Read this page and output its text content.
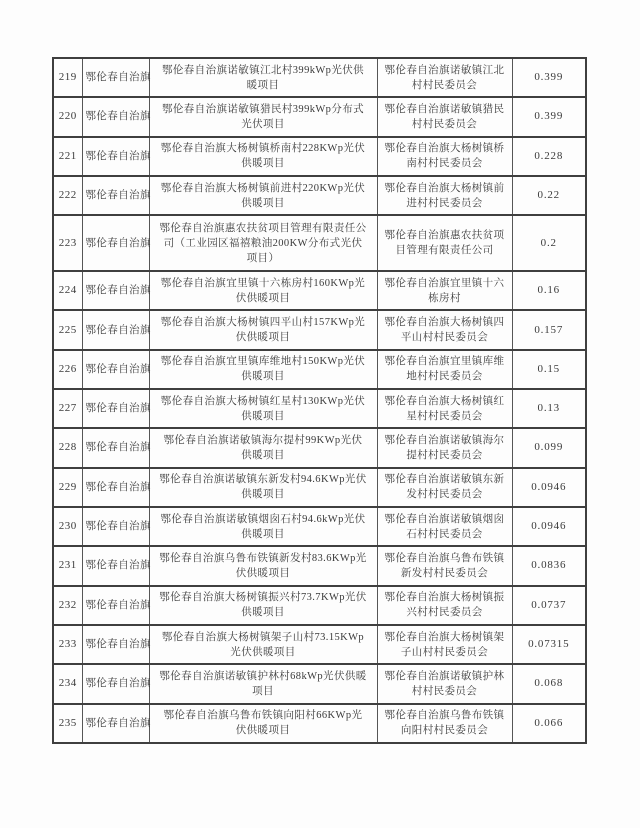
219	鄂伦春自治旗	鄂伦春自治旗诺敏镇江北村399kWp光伏供暖项目	鄂伦春自治旗诺敏镇江北村村民委员会	0.399
220	鄂伦春自治旗	鄂伦春自治旗诺敏镇猎民村399kWp分布式光伏项目	鄂伦春自治旗诺敏镇猎民村村民委员会	0.399
221	鄂伦春自治旗	鄂伦春自治旗大杨树镇桥南村228KWp光伏供暖项目	鄂伦春自治旗大杨树镇桥南村村民委员会	0.228
222	鄂伦春自治旗	鄂伦春自治旗大杨树镇前进村220KWp光伏供暖项目	鄂伦春自治旗大杨树镇前进村村民委员会	0.22
223	鄂伦春自治旗	鄂伦春自治旗惠农扶贫项目管理有限责任公司（工业园区福禧粮油200KW分布式光伏项目）	鄂伦春自治旗惠农扶贫项目管理有限责任公司	0.2
224	鄂伦春自治旗	鄂伦春自治旗宜里镇十六栋房村160KWp光伏供暖项目	鄂伦春自治旗宜里镇十六栋房村	0.16
225	鄂伦春自治旗	鄂伦春自治旗大杨树镇四平山村157KWp光伏供暖项目	鄂伦春自治旗大杨树镇四平山村村民委员会	0.157
226	鄂伦春自治旗	鄂伦春自治旗宜里镇库维地村150KWp光伏供暖项目	鄂伦春自治旗宜里镇库维地村村民委员会	0.15
227	鄂伦春自治旗	鄂伦春自治旗大杨树镇红星村130KWp光伏供暖项目	鄂伦春自治旗大杨树镇红星村村民委员会	0.13
228	鄂伦春自治旗	鄂伦春自治旗诺敏镇海尔提村99KWp光伏供暖项目	鄂伦春自治旗诺敏镇海尔提村村民委员会	0.099
229	鄂伦春自治旗	鄂伦春自治旗诺敏镇东新发村94.6KWp光伏供暖项目	鄂伦春自治旗诺敏镇东新发村村民委员会	0.0946
230	鄂伦春自治旗	鄂伦春自治旗诺敏镇烟囱石村94.6kWp光伏供暖项目	鄂伦春自治旗诺敏镇烟囱石村村民委员会	0.0946
231	鄂伦春自治旗	鄂伦春自治旗乌鲁布铁镇新发村83.6KWp光伏供暖项目	鄂伦春自治旗乌鲁布铁镇新发村村民委员会	0.0836
232	鄂伦春自治旗	鄂伦春自治旗大杨树镇振兴村73.7KWp光伏供暖项目	鄂伦春自治旗大杨树镇振兴村村民委员会	0.0737
233	鄂伦春自治旗	鄂伦春自治旗大杨树镇架子山村73.15KWp光伏供暖项目	鄂伦春自治旗大杨树镇架子山村村民委员会	0.07315
234	鄂伦春自治旗	鄂伦春自治旗诺敏镇护林村68kWp光伏供暖项目	鄂伦春自治旗诺敏镇护林村村民委员会	0.068
235	鄂伦春自治旗	鄂伦春自治旗乌鲁布铁镇向阳村66KWp光伏供暖项目	鄂伦春自治旗乌鲁布铁镇向阳村村民委员会	0.066
